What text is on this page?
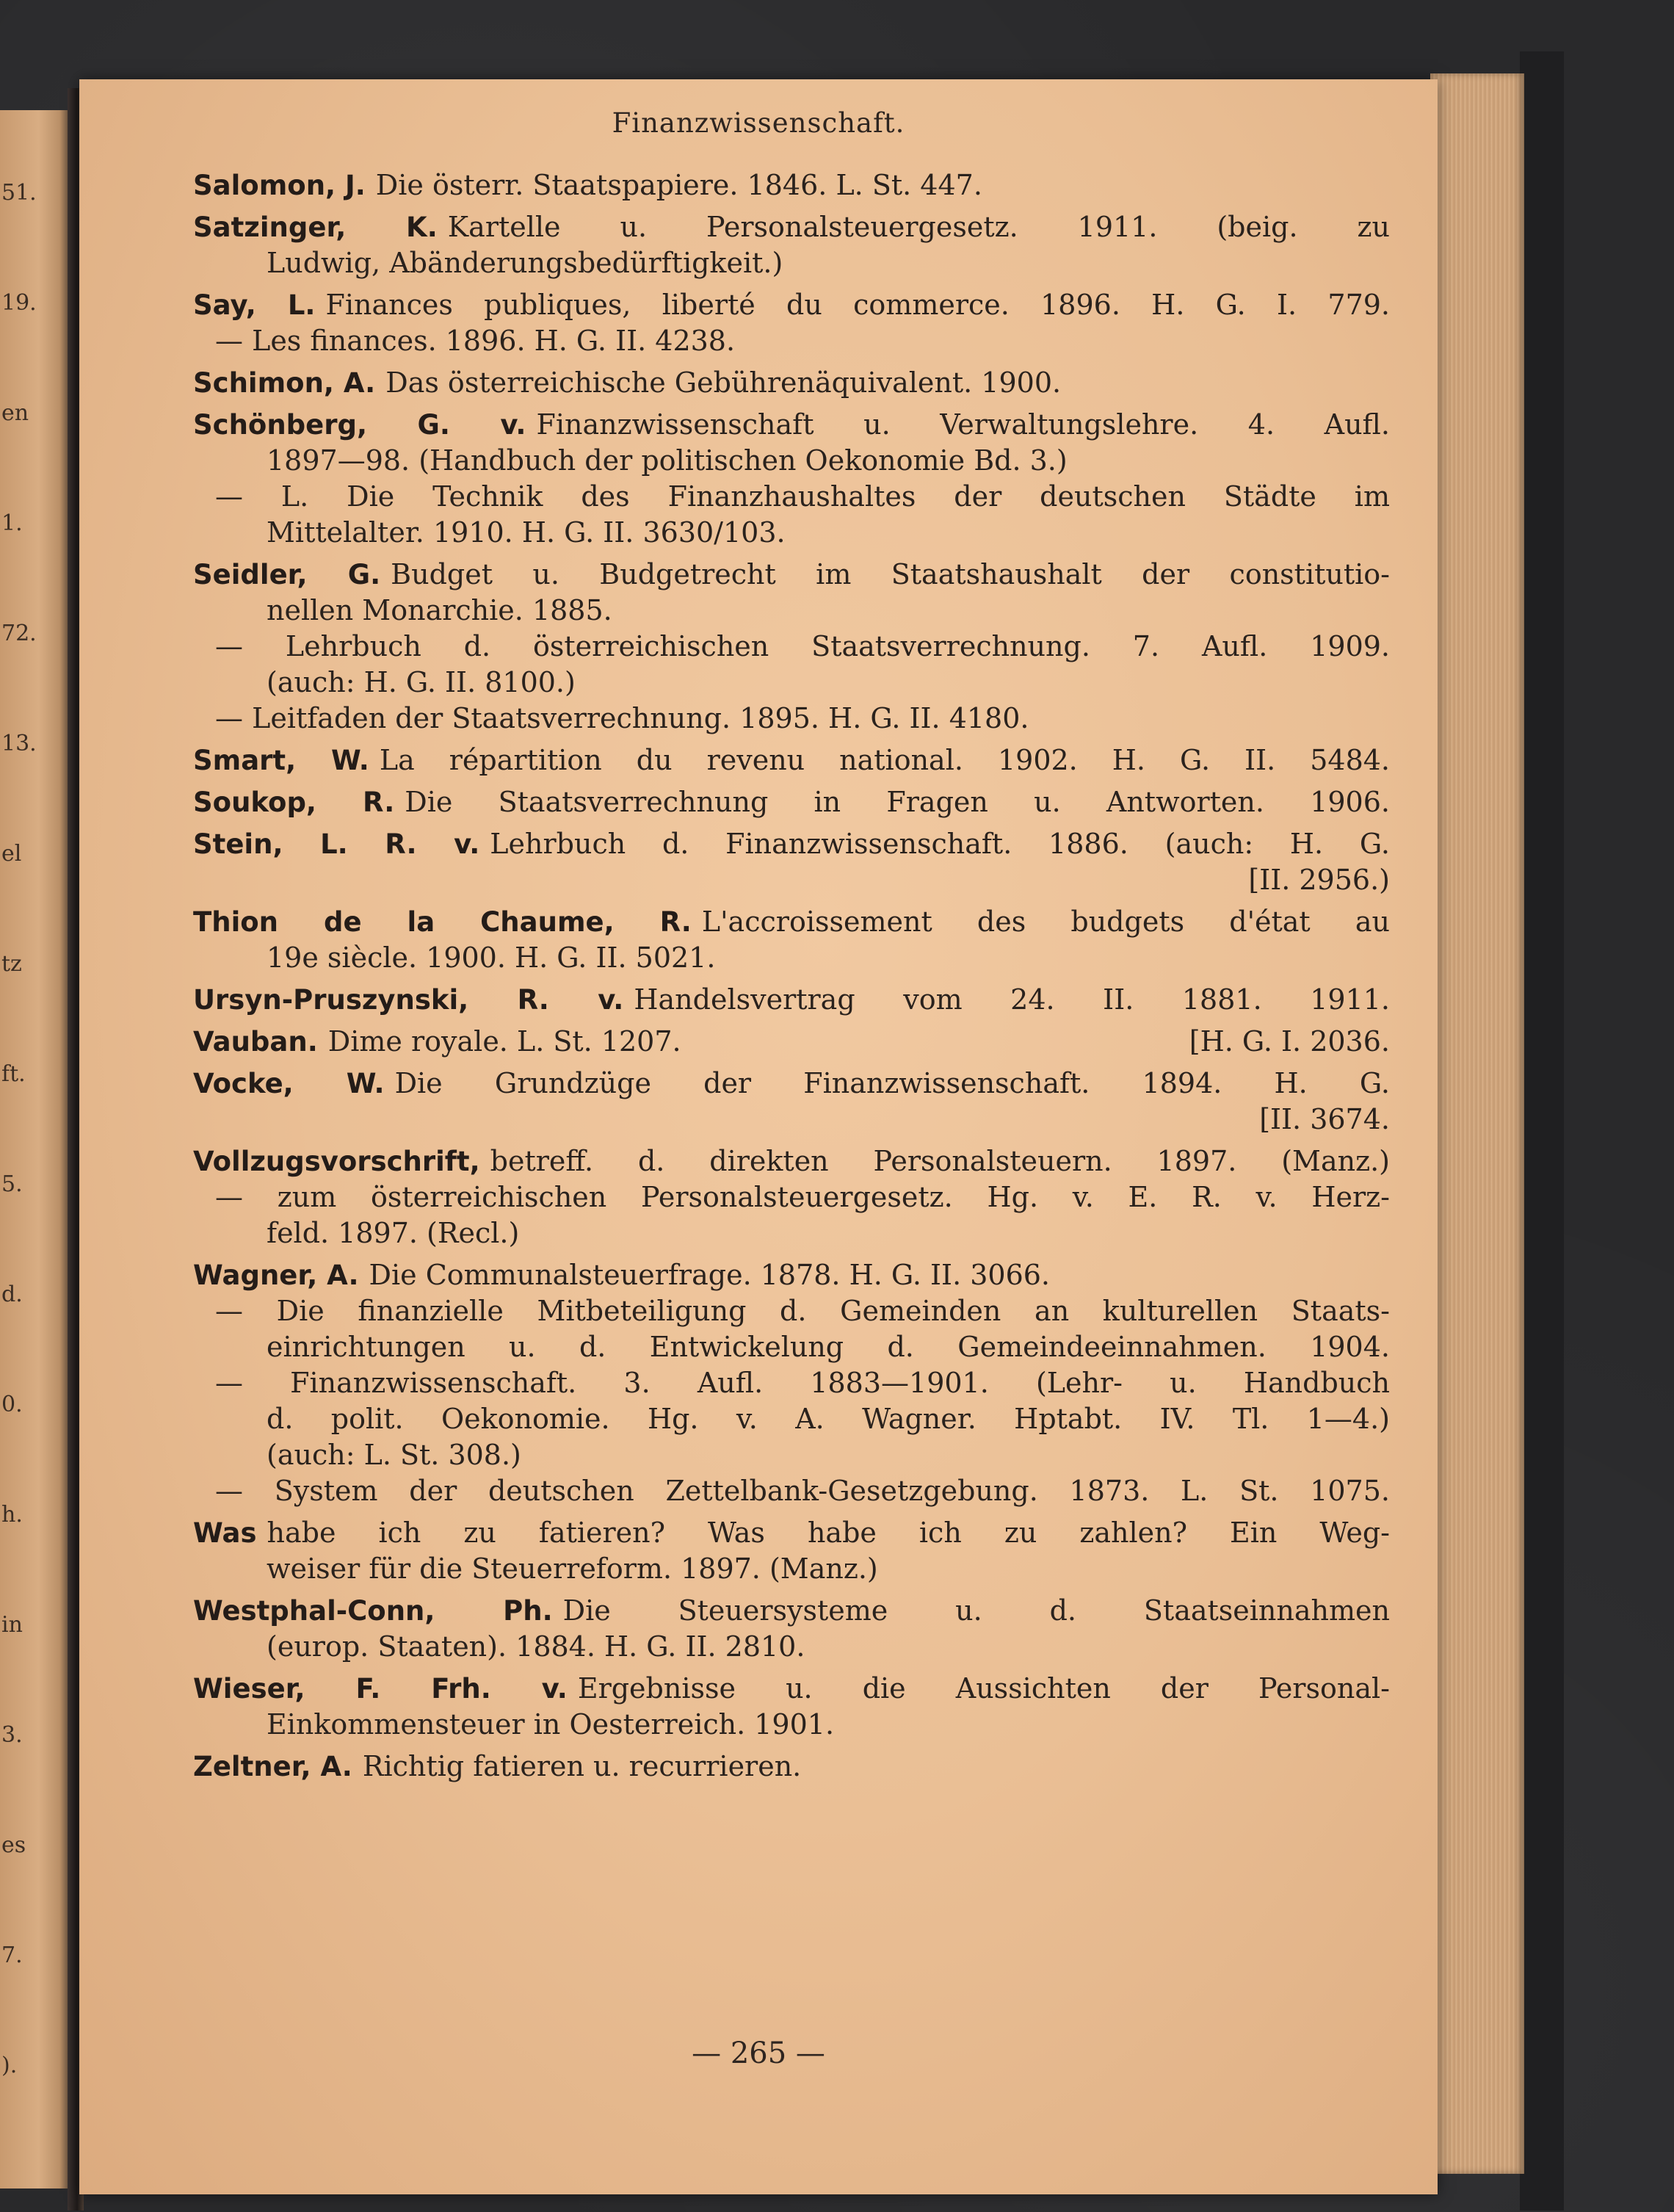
51.
19.
en
1.
72.
13.
el
tz
ft.
5.
d.
0.
h.
in
3.
es
7.
).
Finanzwissenschaft.
Salomon, J. Die österr. Staatspapiere. 1846. L. St. 447.
Satzinger, K. Kartelle u. Personalsteuergesetz. 1911. (beig. zu
Ludwig, Abänderungsbedürftigkeit.)
Say, L. Finances publiques, liberté du commerce. 1896. H. G. I. 779.
— Les finances. 1896. H. G. II. 4238.
Schimon, A. Das österreichische Gebührenäquivalent. 1900.
Schönberg, G. v. Finanzwissenschaft u. Verwaltungslehre. 4. Aufl.
1897—98. (Handbuch der politischen Oekonomie Bd. 3.)
— L. Die Technik des Finanzhaushaltes der deutschen Städte im
Mittelalter. 1910. H. G. II. 3630/103.
Seidler, G. Budget u. Budgetrecht im Staatshaushalt der constitutio-
nellen Monarchie. 1885.
— Lehrbuch d. österreichischen Staatsverrechnung. 7. Aufl. 1909.
(auch: H. G. II. 8100.)
— Leitfaden der Staatsverrechnung. 1895. H. G. II. 4180.
Smart, W. La répartition du revenu national. 1902. H. G. II. 5484.
Soukop, R. Die Staatsverrechnung in Fragen u. Antworten. 1906.
Stein, L. R. v. Lehrbuch d. Finanzwissenschaft. 1886. (auch: H. G.
[II. 2956.)
Thion de la Chaume, R. L'accroissement des budgets d'état au
19e siècle. 1900. H. G. II. 5021.
Ursyn-Pruszynski, R. v. Handelsvertrag vom 24. II. 1881. 1911.
Vauban. Dime royale. L. St. 1207.	[H. G. I. 2036.
Vocke, W. Die Grundzüge der Finanzwissenschaft. 1894. H. G.
[II. 3674.
Vollzugsvorschrift, betreff. d. direkten Personalsteuern. 1897. (Manz.)
— zum österreichischen Personalsteuergesetz. Hg. v. E. R. v. Herz-
feld. 1897. (Recl.)
Wagner, A. Die Communalsteuerfrage. 1878. H. G. II. 3066.
— Die finanzielle Mitbeteiligung d. Gemeinden an kulturellen Staats-
einrichtungen u. d. Entwickelung d. Gemeindeeinnahmen. 1904.
— Finanzwissenschaft. 3. Aufl. 1883—1901. (Lehr- u. Handbuch
d. polit. Oekonomie. Hg. v. A. Wagner. Hptabt. IV. Tl. 1—4.)
(auch: L. St. 308.)
— System der deutschen Zettelbank-Gesetzgebung. 1873. L. St. 1075.
Was habe ich zu fatieren? Was habe ich zu zahlen? Ein Weg-
weiser für die Steuerreform. 1897. (Manz.)
Westphal-Conn, Ph. Die Steuersysteme u. d. Staatseinnahmen
(europ. Staaten). 1884. H. G. II. 2810.
Wieser, F. Frh. v. Ergebnisse u. die Aussichten der Personal-
Einkommensteuer in Oesterreich. 1901.
Zeltner, A. Richtig fatieren u. recurrieren.
— 265 —
